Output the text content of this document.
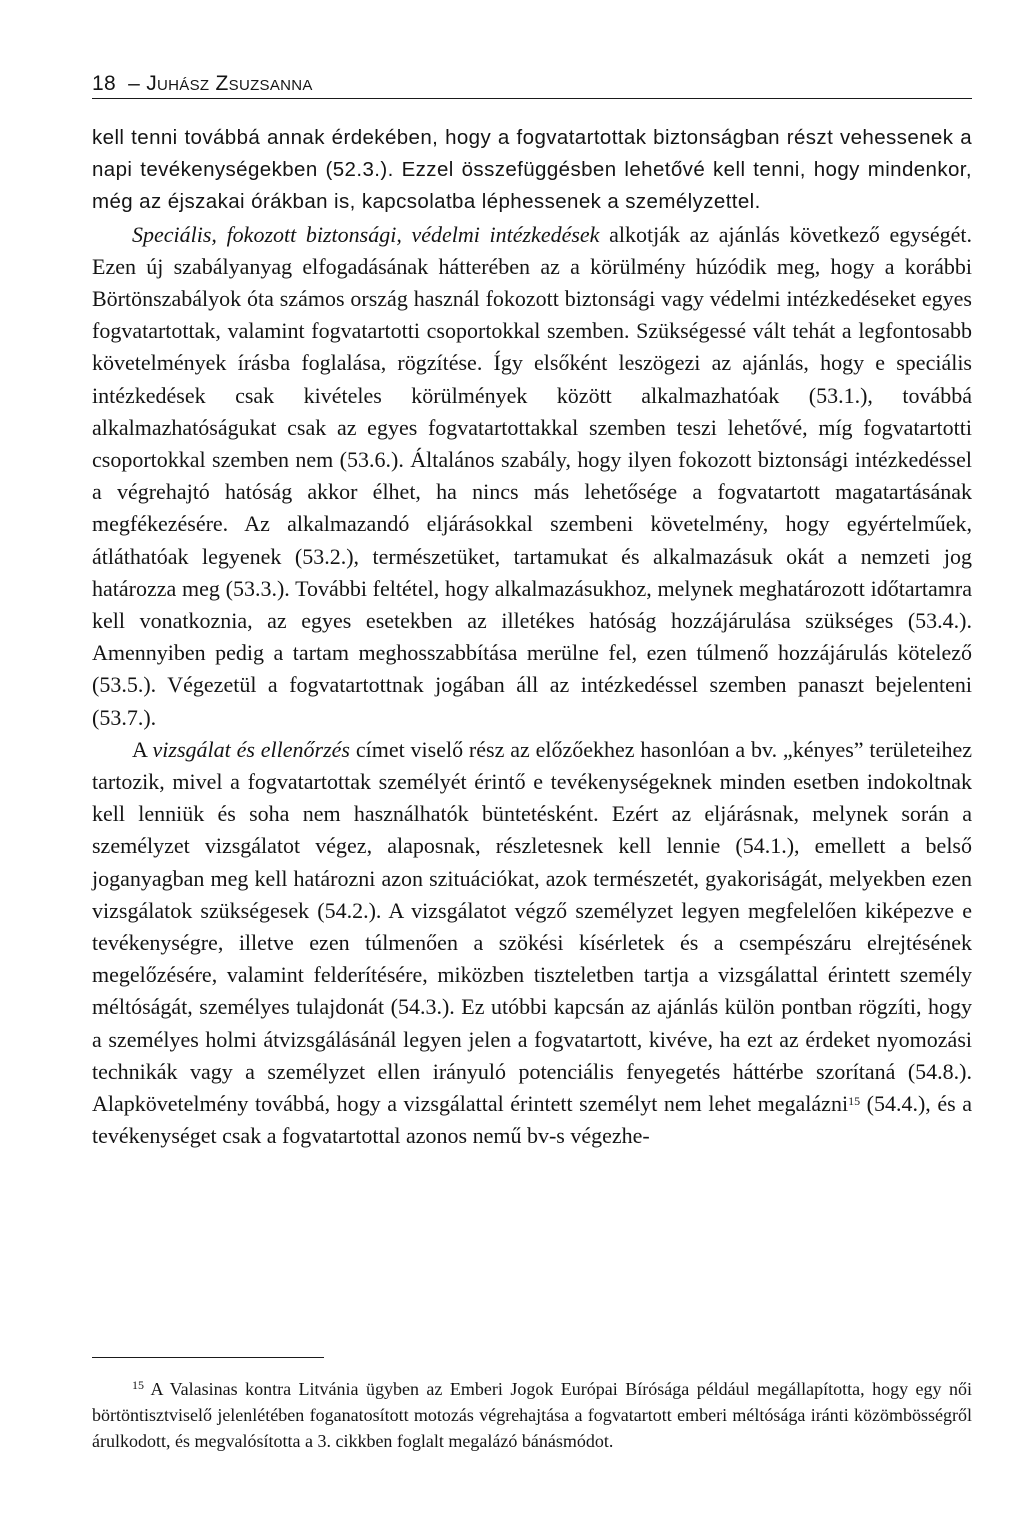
18 – Juhász Zsuzsanna

kell tenni továbbá annak érdekében, hogy a fogvatartottak biztonságban részt vehessenek a napi tevékenységekben (52.3.). Ezzel összefüggésben lehetővé kell tenni, hogy mindenkor, még az éjszakai órákban is, kapcsolatba léphessenek a személyzettel.

Speciális, fokozott biztonsági, védelmi intézkedések alkotják az ajánlás következő egységét. Ezen új szabályanyag elfogadásának hátterében az a körülmény húzódik meg, hogy a korábbi Börtönszabályok óta számos ország használ fokozott biztonsági vagy védelmi intézkedéseket egyes fogvatartottak, valamint fogvatartotti csoportokkal szemben. Szükségessé vált tehát a legfontosabb követelmények írásba foglalása, rögzítése. Így elsőként leszögezi az ajánlás, hogy e speciális intézkedések csak kivételes körülmények között alkalmazhatóak (53.1.), továbbá alkalmazhatóságukat csak az egyes fogvatartottakkal szemben teszi lehetővé, míg fogvatartotti csoportokkal szemben nem (53.6.). Általános szabály, hogy ilyen fokozott biztonsági intézkedéssel a végrehajtó hatóság akkor élhet, ha nincs más lehetősége a fogvatartott magatartásának megfékezésére. Az alkalmazandó eljárásokkal szembeni követelmény, hogy egyértelműek, átláthatóak legyenek (53.2.), természetüket, tartamukat és alkalmazásuk okát a nemzeti jog határozza meg (53.3.). További feltétel, hogy alkalmazásukhoz, melynek meghatározott időtartamra kell vonatkoznia, az egyes esetekben az illetékes hatóság hozzájárulása szükséges (53.4.). Amennyiben pedig a tartam meghosszabbítása merülne fel, ezen túlmenő hozzájárulás kötelező (53.5.). Végezetül a fogvatartottnak jogában áll az intézkedéssel szemben panaszt bejelenteni (53.7.).

A vizsgálat és ellenőrzés címet viselő rész az előzőekhez hasonlóan a bv. „kényes” területeihez tartozik, mivel a fogvatartottak személyét érintő e tevékenységeknek minden esetben indokoltnak kell lenniük és soha nem használhatók büntetésként. Ezért az eljárásnak, melynek során a személyzet vizsgálatot végez, alaposnak, részletesnek kell lennie (54.1.), emellett a belső joganyagban meg kell határozni azon szituációkat, azok természetét, gyakoriságát, melyekben ezen vizsgálatok szükségesek (54.2.). A vizsgálatot végző személyzet legyen megfelelően kiképezve e tevékenységre, illetve ezen túlmenően a szökési kísérletek és a csempészáru elrejtésének megelőzésére, valamint felderítésére, miközben tiszteletben tartja a vizsgálattal érintett személy méltóságát, személyes tulajdonát (54.3.). Ez utóbbi kapcsán az ajánlás külön pontban rögzíti, hogy a személyes holmi átvizsgálásánál legyen jelen a fogvatartott, kivéve, ha ezt az érdeket nyomozási technikák vagy a személyzet ellen irányuló potenciális fenyegetés háttérbe szorítaná (54.8.). Alapkövetelmény továbbá, hogy a vizsgálattal érintett személyt nem lehet megalázni$^{15}$ (54.4.), és a tevékenységet csak a fogvatartottal azonos nemű bv-s végezhe-

$^{15}$ A Valasinas kontra Litvánia ügyben az Emberi Jogok Európai Bírósága például megállapította, hogy egy női börtöntisztviselő jelenlétében foganatosított motozás végrehajtása a fogvatartott emberi méltósága iránti közömbösségről árulkodott, és megvalósította a 3. cikkben foglalt megalázó bánásmódot.
